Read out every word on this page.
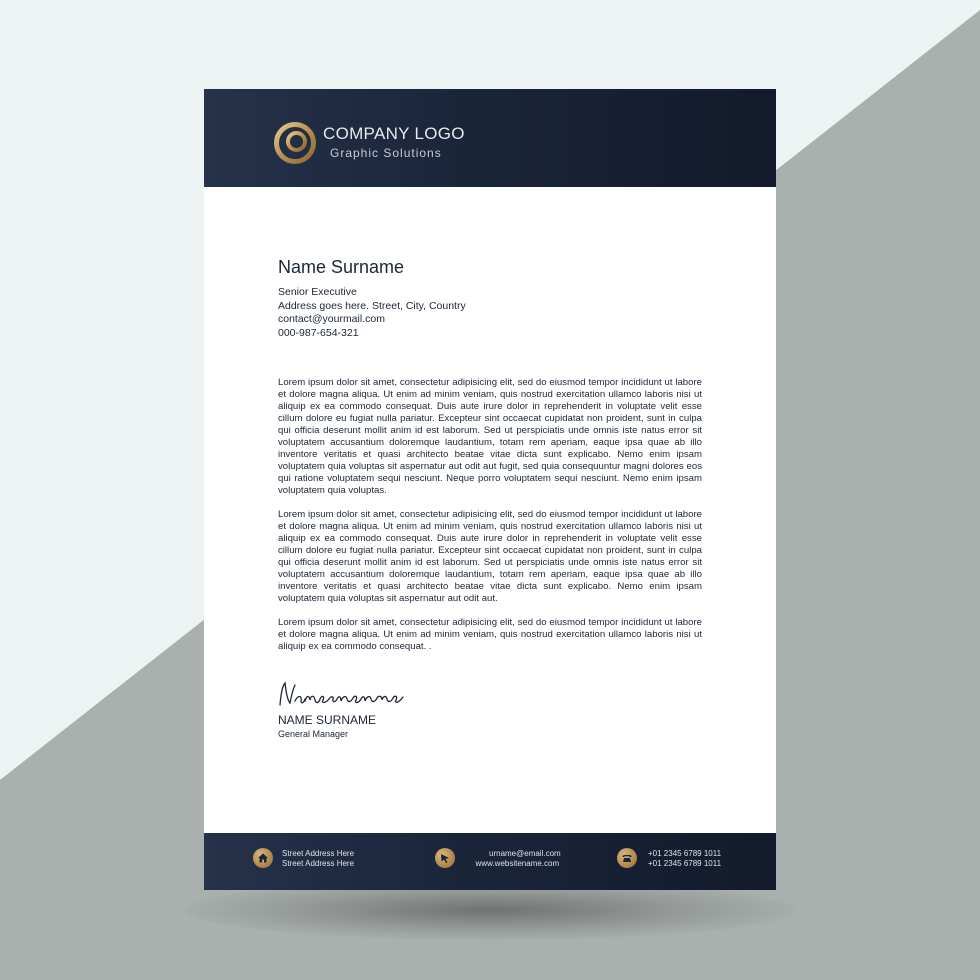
COMPANY LOGO
Graphic Solutions
Name Surname
Senior Executive
Address goes here. Street, City, Country
contact@yourmail.com
000-987-654-321

Lorem ipsum dolor sit amet, consectetur adipisicing elit, sed do eiusmod tempor incididunt ut labore et dolore magna aliqua. Ut enim ad minim veniam, quis nostrud exercitation ullamco laboris nisi ut aliquip ex ea commodo consequat. Duis aute irure dolor in reprehenderit in voluptate velit esse cillum dolore eu fugiat nulla pariatur. Excepteur sint occaecat cupidatat non proident, sunt in culpa qui officia deserunt mollit anim id est laborum. Sed ut perspiciatis unde omnis iste natus error sit voluptatem accusantium doloremque laudantium, totam rem aperiam, eaque ipsa quae ab illo inventore veritatis et quasi architecto beatae vitae dicta sunt explicabo. Nemo enim ipsam voluptatem quia voluptas sit aspernatur aut odit aut fugit, sed quia consequuntur magni dolores eos qui ratione voluptatem sequi nesciunt. Neque porro voluptatem sequi nesciunt. Nemo enim ipsam voluptatem quia voluptas.

Lorem ipsum dolor sit amet, consectetur adipisicing elit, sed do eiusmod tempor incididunt ut labore et dolore magna aliqua. Ut enim ad minim veniam, quis nostrud exercitation ullamco laboris nisi ut aliquip ex ea commodo consequat. Duis aute irure dolor in reprehenderit in voluptate velit esse cillum dolore eu fugiat nulla pariatur. Excepteur sint occaecat cupidatat non proident, sunt in culpa qui officia deserunt mollit anim id est laborum. Sed ut perspiciatis unde omnis iste natus error sit voluptatem accusantium doloremque laudantium, totam rem aperiam, eaque ipsa quae ab illo inventore veritatis et quasi architecto beatae vitae dicta sunt explicabo. Nemo enim ipsam voluptatem quia voluptas sit aspernatur aut odit aut.

Lorem ipsum dolor sit amet, consectetur adipisicing elit, sed do eiusmod tempor incididunt ut labore et dolore magna aliqua. Ut enim ad minim veniam, quis nostrud exercitation ullamco laboris nisi ut aliquip ex ea commodo consequat. .

NAME SURNAME
General Manager
Street Address Here
Street Address Here
urname@email.com
www.websitename.com
+01 2345 6789 1011
+01 2345 6789 1011
